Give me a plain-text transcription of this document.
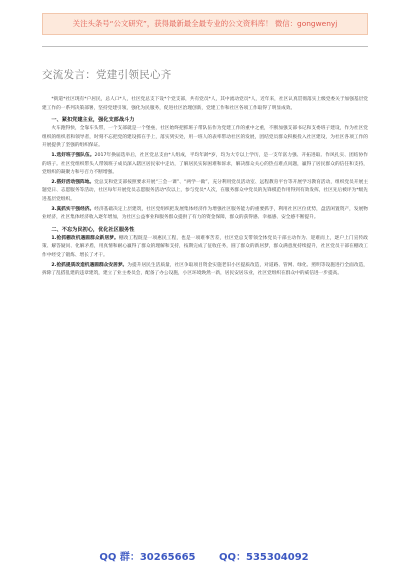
关注头条号“公文研究”，获得最新最全最专业的公文资料库！ 微信：gongwenyj
交流发言：党建引领民心齐

*街道*社区现有*户居民，总人口*人，社区党总支下设*个党支部，共有党员*人，其中流动党员*人，近年来，社区认真贯彻落实上级党委关于加强基层党建工作的一系列决策部署，坚持党建引领，强化为民服务，促进社区治理创新，党建工作和社区各项工作取得了明显成效。

一、紧扣党建主业，强化支部战斗力

火车跑得快，全靠车头带，一个支部就是一个堡垒，社区始终把抓班子带队伍作为党建工作的重中之重，不断加强支部书记和支委班子建设，作为社区党组织的组织者和领导者，时刻不忘把党的建设抓在手上，落实到实处，用一班人的表率带动社区的发展，团结党员群众积极投入社区建设，为社区各项工作的开展提供了坚强的组织保证。

1.选好班子强队伍。2017年换届选举后，社区党总支由*人组成，平均年龄*岁，均为大专以上学历，是一支年富力强、开拓进取、作风扎实、团结协作的班子。社区党组织带头人带领班子成员深入辖区居民家中走访，了解居民实际困难和诉求，解决群众关心的热点难点问题，赢得了居民群众的信任和支持，党组织的凝聚力和号召力不断增强。

2.搭好活动强阵地。党总支和党支部按照要求开展“三会一课”、“两学一做”，充分利用党员活动室、远程教育平台等开展学习教育活动，组织党员开展主题党日、志愿服务等活动，社区每年开展党员志愿服务活动*次以上，参与党员*人次，在服务群众中党员的先锋模范作用得到有效发挥，社区先后被评为*级先进基层党组织。

3.真抓实干强经济。经济基础决定上层建筑，社区党组织把发展集体经济作为增强社区服务能力的重要抓手，利用社区区位优势，盘活闲置资产，发展物业经济，社区集体经济收入逐年增加，为社区公益事业和服务群众提供了有力的资金保障，群众的获得感、幸福感、安全感不断提升。

二、不忘为民初心，优化社区服务性

1.抢抓棚改机遇圆群众新居梦。棚改工程既是一项惠民工程，也是一项难事苦差，社区党总支带领全体党员干部主动作为、迎难而上，逐户上门宣传政策、解答疑问、化解矛盾，用真情和耐心赢得了群众的理解和支持，按期完成了征收任务，圆了群众的新居梦，群众满意度持续提升，社区党员干部在棚改工作中经受了锻炼、增长了才干。

2.抢抓提质改造机遇圆群众安居梦。为提升居民生活质量，社区争取项目资金实施老旧小区提质改造，对道路、管网、绿化、照明等设施进行全面改造，拆除了乱搭乱建的违章建筑，建立了业主委员会，配备了办公设施，小区环境焕然一新，居民安居乐业，社区党组织在群众中的威信进一步提高。

QQ 群：30265665 QQ：535304092
